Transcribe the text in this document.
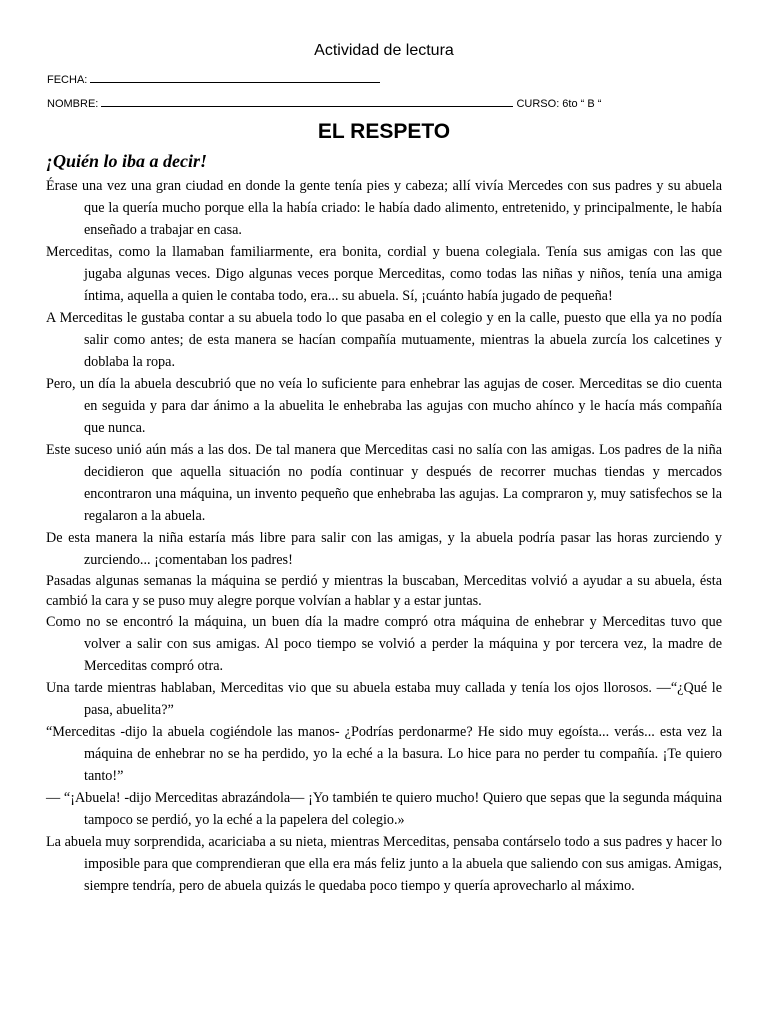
Actividad de lectura
FECHA:
NOMBRE:	CURSO: 6to “ B “
EL RESPETO
¡Quién lo iba a decir!

Érase una vez una gran ciudad en donde la gente tenía pies y cabeza; allí vivía Mercedes con sus padres y su abuela que la quería mucho porque ella la había criado: le había dado alimento, entretenido, y principalmente, le había enseñado a trabajar en casa.

Merceditas, como la llamaban familiarmente, era bonita, cordial y buena colegiala. Tenía sus amigas con las que jugaba algunas veces. Digo algunas veces porque Merceditas, como todas las niñas y niños, tenía una amiga íntima, aquella a quien le contaba todo, era... su abuela. Sí, ¡cuánto había jugado de pequeña!

A Merceditas le gustaba contar a su abuela todo lo que pasaba en el colegio y en la calle, puesto que ella ya no podía salir como antes; de esta manera se hacían compañía mutuamente, mientras la abuela zurcía los calcetines y doblaba la ropa.

Pero, un día la abuela descubrió que no veía lo suficiente para enhebrar las agujas de coser. Merceditas se dio cuenta en seguida y para dar ánimo a la abuelita le enhebraba las agujas con mucho ahínco y le hacía más compañía que nunca.

Este suceso unió aún más a las dos. De tal manera que Merceditas casi no salía con las amigas. Los padres de la niña decidieron que aquella situación no podía continuar y después de recorrer muchas tiendas y mercados encontraron una máquina, un invento pequeño que enhebraba las agujas. La compraron y, muy satisfechos se la regalaron a la abuela.

De esta manera la niña estaría más libre para salir con las amigas, y la abuela podría pasar las horas zurciendo y zurciendo... ¡comentaban los padres!

Pasadas algunas semanas la máquina se perdió y mientras la buscaban, Merceditas volvió a ayudar a su abuela, ésta cambió la cara y se puso muy alegre porque volvían a hablar y a estar juntas.

Como no se encontró la máquina, un buen día la madre compró otra máquina de enhebrar y Merceditas tuvo que volver a salir con sus amigas. Al poco tiempo se volvió a perder la máquina y por tercera vez, la madre de Merceditas compró otra.

Una tarde mientras hablaban, Merceditas vio que su abuela estaba muy callada y tenía los ojos llorosos. —“¿Qué le pasa, abuelita?”

“Merceditas -dijo la abuela cogiéndole las manos- ¿Podrías perdonarme? He sido muy egoísta... verás... esta vez la máquina de enhebrar no se ha perdido, yo la eché a la basura. Lo hice para no perder tu compañía. ¡Te quiero tanto!”

— “¡Abuela! -dijo Merceditas abrazándola— ¡Yo también te quiero mucho! Quiero que sepas que la segunda máquina tampoco se perdió, yo la eché a la papelera del colegio.»

La abuela muy sorprendida, acariciaba a su nieta, mientras Merceditas, pensaba contárselo todo a sus padres y hacer lo imposible para que comprendieran que ella era más feliz junto a la abuela que saliendo con sus amigas. Amigas, siempre tendría, pero de abuela quizás le quedaba poco tiempo y quería aprovecharlo al máximo.
